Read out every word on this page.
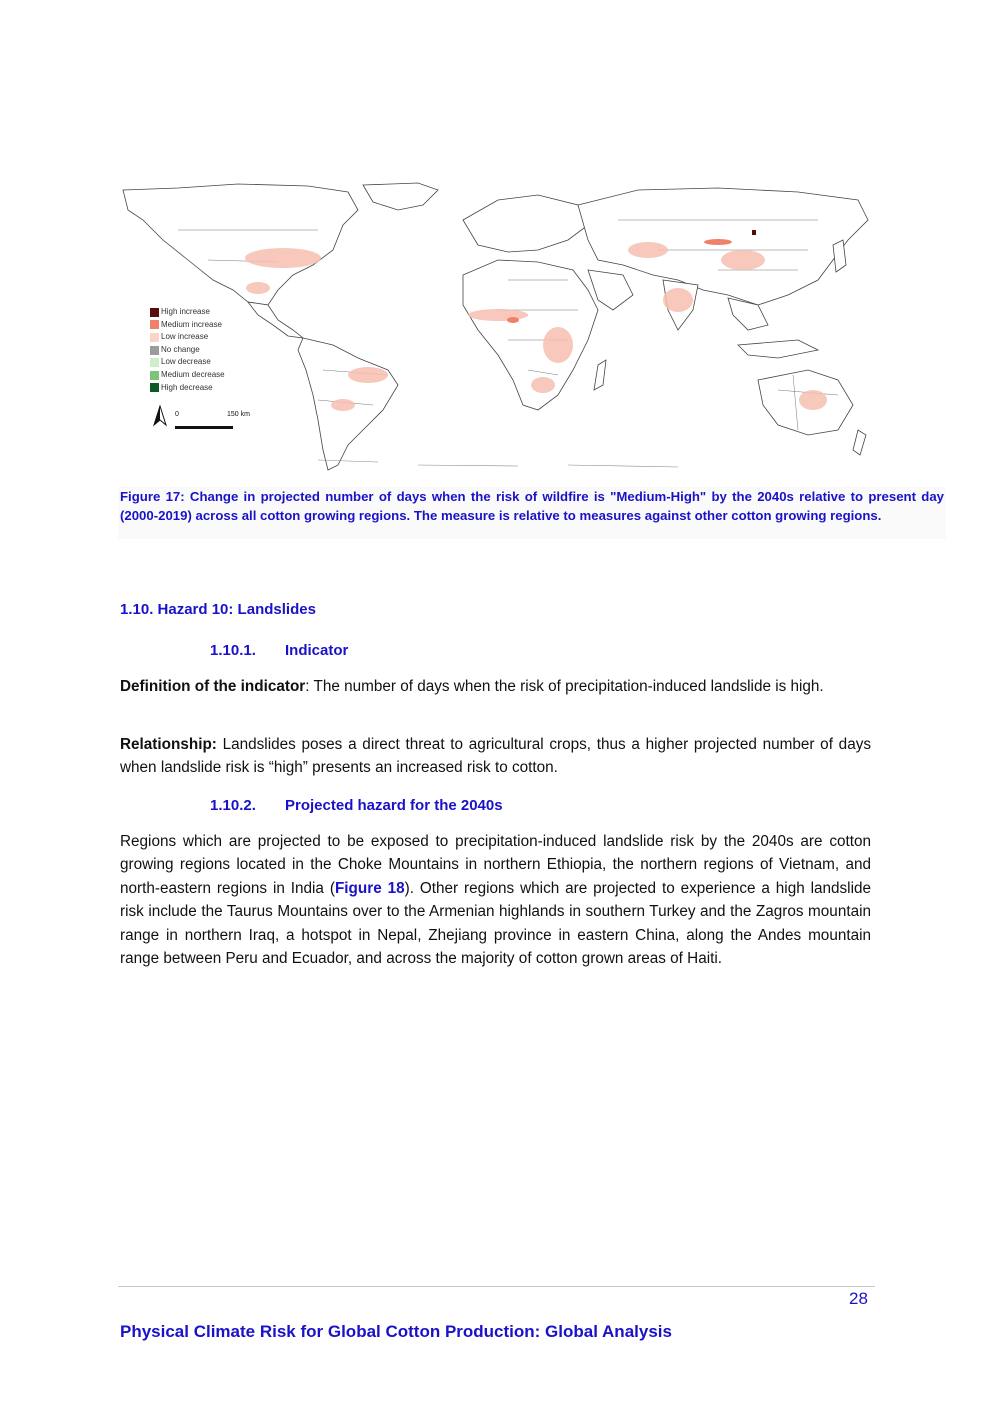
High increase
Medium increase
Low increase
No change
Low decrease
Medium decrease
High decrease
0	150 km
Figure 17: Change in projected number of days when the risk of wildfire is "Medium-High" by the 2040s relative to present day (2000-2019) across all cotton growing regions. The measure is relative to measures against other cotton growing regions.
1.10. Hazard 10: Landslides
1.10.1. Indicator
Definition of the indicator: The number of days when the risk of precipitation-induced landslide is high.
Relationship: Landslides poses a direct threat to agricultural crops, thus a higher projected number of days when landslide risk is “high” presents an increased risk to cotton.
1.10.2. Projected hazard for the 2040s
Regions which are projected to be exposed to precipitation-induced landslide risk by the 2040s are cotton growing regions located in the Choke Mountains in northern Ethiopia, the northern regions of Vietnam, and north-eastern regions in India (Figure 18). Other regions which are projected to experience a high landslide risk include the Taurus Mountains over to the Armenian highlands in southern Turkey and the Zagros mountain range in northern Iraq, a hotspot in Nepal, Zhejiang province in eastern China, along the Andes mountain range between Peru and Ecuador, and across the majority of cotton grown areas of Haiti.
28
Physical Climate Risk for Global Cotton Production: Global Analysis
